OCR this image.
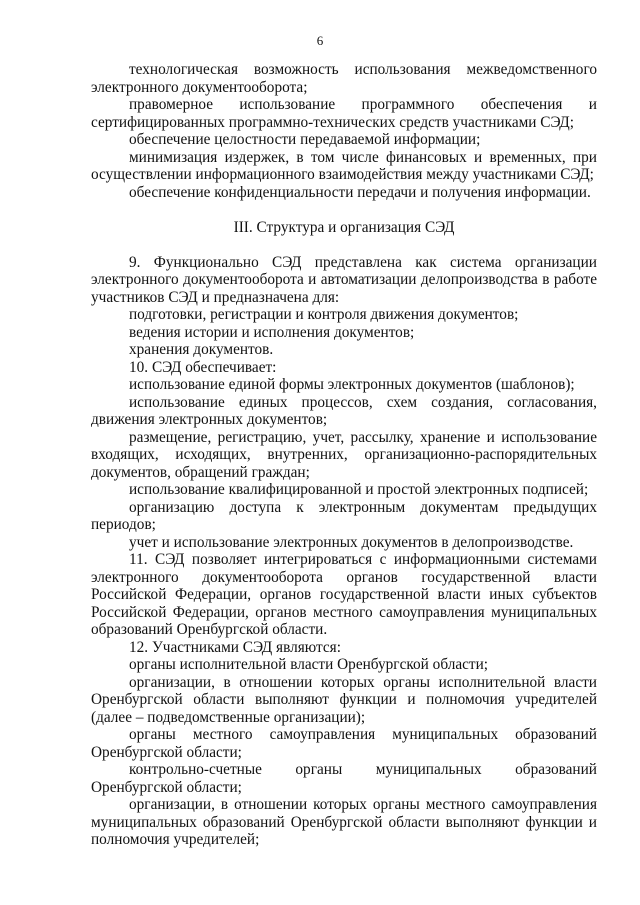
6

технологическая возможность использования межведомственного электронного документооборота;

правомерное использование программного обеспечения и сертифицированных программно-технических средств участниками СЭД;

обеспечение целостности передаваемой информации;

минимизация издержек, в том числе финансовых и временных, при осуществлении информационного взаимодействия между участниками СЭД;

обеспечение конфиденциальности передачи и получения информации.

III. Структура и организация СЭД

9. Функционально СЭД представлена как система организации электронного документооборота и автоматизации делопроизводства в работе участников СЭД и предназначена для:

подготовки, регистрации и контроля движения документов;

ведения истории и исполнения документов;

хранения документов.

10. СЭД обеспечивает:

использование единой формы электронных документов (шаблонов);

использование единых процессов, схем создания, согласования, движения электронных документов;

размещение, регистрацию, учет, рассылку, хранение и использование входящих, исходящих, внутренних, организационно-распорядительных документов, обращений граждан;

использование квалифицированной и простой электронных подписей;

организацию доступа к электронным документам предыдущих периодов;

учет и использование электронных документов в делопроизводстве.

11. СЭД позволяет интегрироваться с информационными системами электронного документооборота органов государственной власти Российской Федерации, органов государственной власти иных субъектов Российской Федерации, органов местного самоуправления муниципальных образований Оренбургской области.

12. Участниками СЭД являются:

органы исполнительной власти Оренбургской области;

организации, в отношении которых органы исполнительной власти Оренбургской области выполняют функции и полномочия учредителей (далее – подведомственные организации);

органы местного самоуправления муниципальных образований Оренбургской области;

контрольно-счетные органы муниципальных образований Оренбургской области;

организации, в отношении которых органы местного самоуправления муниципальных образований Оренбургской области выполняют функции и полномочия учредителей;
